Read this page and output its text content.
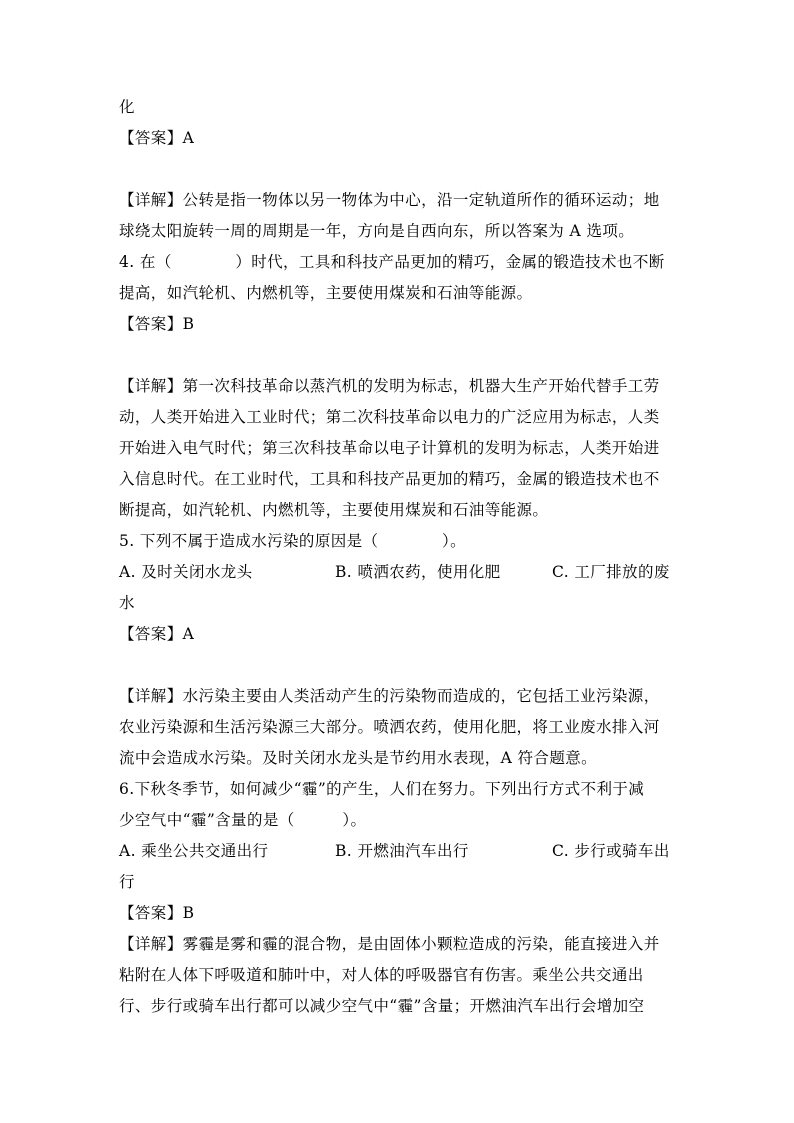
化
【答案】A
【详解】公转是指一物体以另一物体为中心，沿一定轨道所作的循环运动；地
球绕太阳旋转一周的周期是一年，方向是自西向东，所以答案为 A 选项。
4. 在（　　　　）时代，工具和科技产品更加的精巧，金属的锻造技术也不断
提高，如汽轮机、内燃机等，主要使用煤炭和石油等能源。
【答案】B
【详解】第一次科技革命以蒸汽机的发明为标志，机器大生产开始代替手工劳
动，人类开始进入工业时代；第二次科技革命以电力的广泛应用为标志，人类
开始进入电气时代；第三次科技革命以电子计算机的发明为标志，人类开始进
入信息时代。在工业时代，工具和科技产品更加的精巧，金属的锻造技术也不
断提高，如汽轮机、内燃机等，主要使用煤炭和石油等能源。
5. 下列不属于造成水污染的原因是（　　　　）。
A. 及时关闭水龙头	B. 喷洒农药，使用化肥	C. 工厂排放的废
水
【答案】A
【详解】水污染主要由人类活动产生的污染物而造成的，它包括工业污染源，
农业污染源和生活污染源三大部分。喷洒农药，使用化肥，将工业废水排入河
流中会造成水污染。及时关闭水龙头是节约用水表现，A 符合题意。
6.下秋冬季节，如何减少“霾”的产生，人们在努力。下列出行方式不利于减
少空气中“霾”含量的是（　　　）。
A. 乘坐公共交通出行	B. 开燃油汽车出行	C. 步行或骑车出
行
【答案】B
【详解】雾霾是雾和霾的混合物，是由固体小颗粒造成的污染，能直接进入并
粘附在人体下呼吸道和肺叶中，对人体的呼吸器官有伤害。乘坐公共交通出
行、步行或骑车出行都可以减少空气中“霾”含量；开燃油汽车出行会增加空
